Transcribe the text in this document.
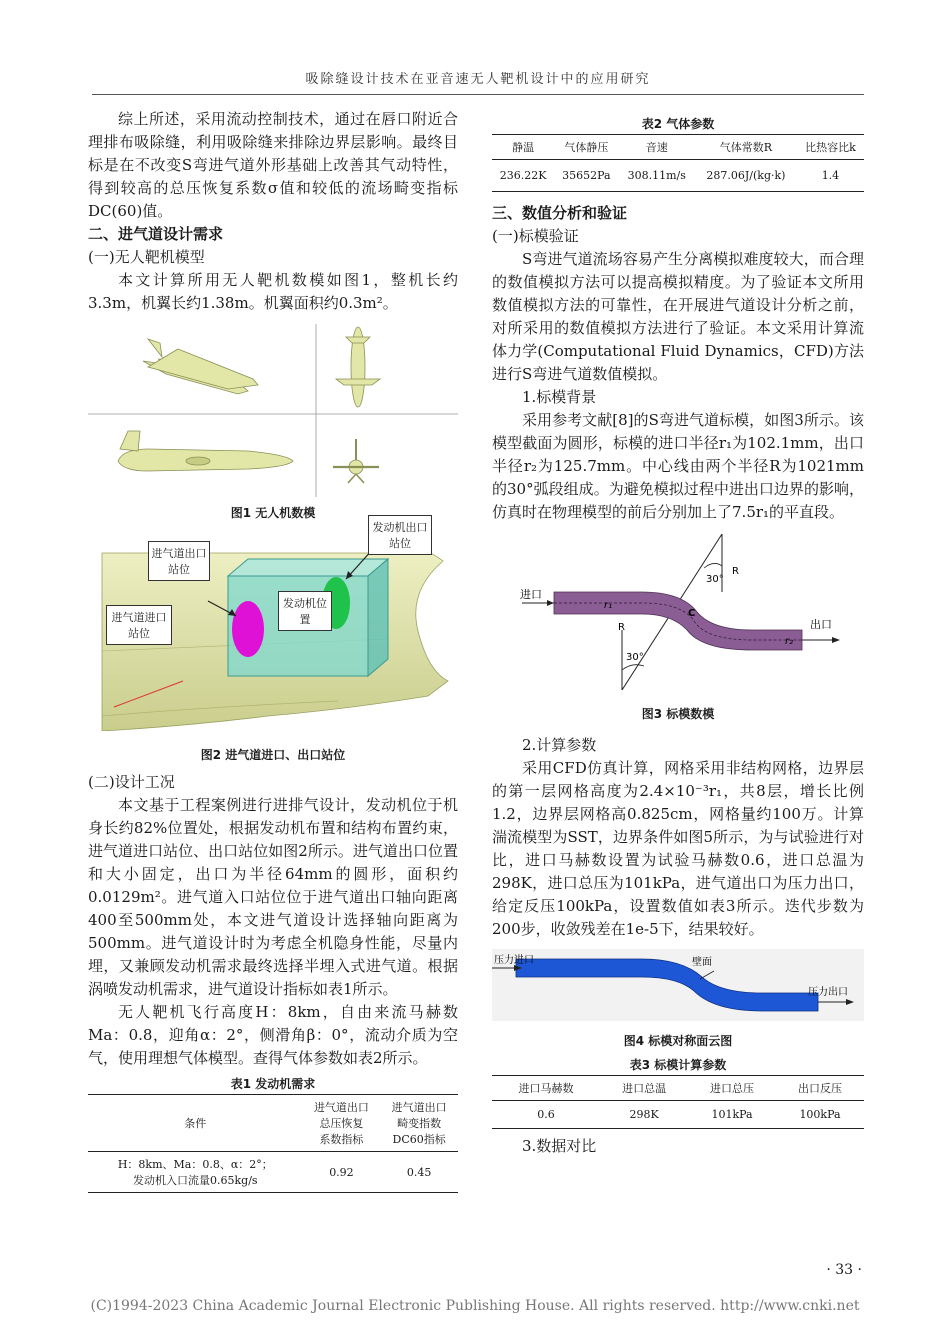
吸除缝设计技术在亚音速无人靶机设计中的应用研究

综上所述，采用流动控制技术，通过在唇口附近合理排布吸除缝，利用吸除缝来排除边界层影响。最终目标是在不改变S弯进气道外形基础上改善其气动特性，得到较高的总压恢复系数σ值和较低的流场畸变指标DC(60)值。

二、进气道设计需求

(一)无人靶机模型

本文计算所用无人靶机数模如图1，整机长约3.3m，机翼长约1.38m。机翼面积约0.3m²。

图1 无人机数模

进气道出口站位
发动机出口站位
发动机位置
进气道进口站位

图2 进气道进口、出口站位

(二)设计工况

本文基于工程案例进行进排气设计，发动机位于机身长约82%位置处，根据发动机布置和结构布置约束，进气道进口站位、出口站位如图2所示。进气道出口位置和大小固定，出口为半径64mm的圆形，面积约0.0129m²。进气道入口站位位于进气道出口轴向距离400至500mm处，本文进气道设计选择轴向距离为500mm。进气道设计时为考虑全机隐身性能，尽量内埋，又兼顾发动机需求最终选择半埋入式进气道。根据涡喷发动机需求，进气道设计指标如表1所示。

无人靶机飞行高度H：8km，自由来流马赫数Ma：0.8，迎角α：2°，侧滑角β：0°，流动介质为空气，使用理想气体模型。查得气体参数如表2所示。

表1 发动机需求

条件	进气道出口
总压恢复
系数指标	进气道出口
畸变指数
DC60指标
H：8km、Ma：0.8、α：2°；
发动机入口流量0.65kg/s	0.92	0.45

表2 气体参数

静温	气体静压	音速	气体常数R	比热容比k
236.22K	35652Pa	308.11m/s	287.06J/(kg·k)	1.4

三、数值分析和验证

(一)标模验证

S弯进气道流场容易产生分离模拟难度较大，而合理的数值模拟方法可以提高模拟精度。为了验证本文所用数值模拟方法的可靠性，在开展进气道设计分析之前，对所采用的数值模拟方法进行了验证。本文采用计算流体力学(Computational Fluid Dynamics，CFD)方法进行S弯进气道数值模拟。

1.标模背景

采用参考文献[8]的S弯进气道标模，如图3所示。该模型截面为圆形，标模的进口半径r₁为102.1mm，出口半径r₂为125.7mm。中心线由两个半径R为1021mm的30°弧段组成。为避免模拟过程中进出口边界的影响，仿真时在物理模型的前后分别加上了7.5r₁的平直段。

进口
出口
r₁
r₂
R
R
C
30°
30°

图3 标模数模

2.计算参数

采用CFD仿真计算，网格采用非结构网格，边界层的第一层网格高度为2.4×10⁻³r₁，共8层，增长比例1.2，边界层网格高0.825cm，网格量约100万。计算湍流模型为SST，边界条件如图5所示，为与试验进行对比，进口马赫数设置为试验马赫数0.6，进口总温为298K，进口总压为101kPa，进气道出口为压力出口，给定反压100kPa，设置数值如表3所示。迭代步数为200步，收敛残差在1e-5下，结果较好。

压力进口	壁面
压力出口

图4 标模对称面云图

表3 标模计算参数

进口马赫数	进口总温	进口总压	出口反压
0.6	298K	101kPa	100kPa

3.数据对比

· 33 ·
(C)1994-2023 China Academic Journal Electronic Publishing House. All rights reserved. http://www.cnki.net
